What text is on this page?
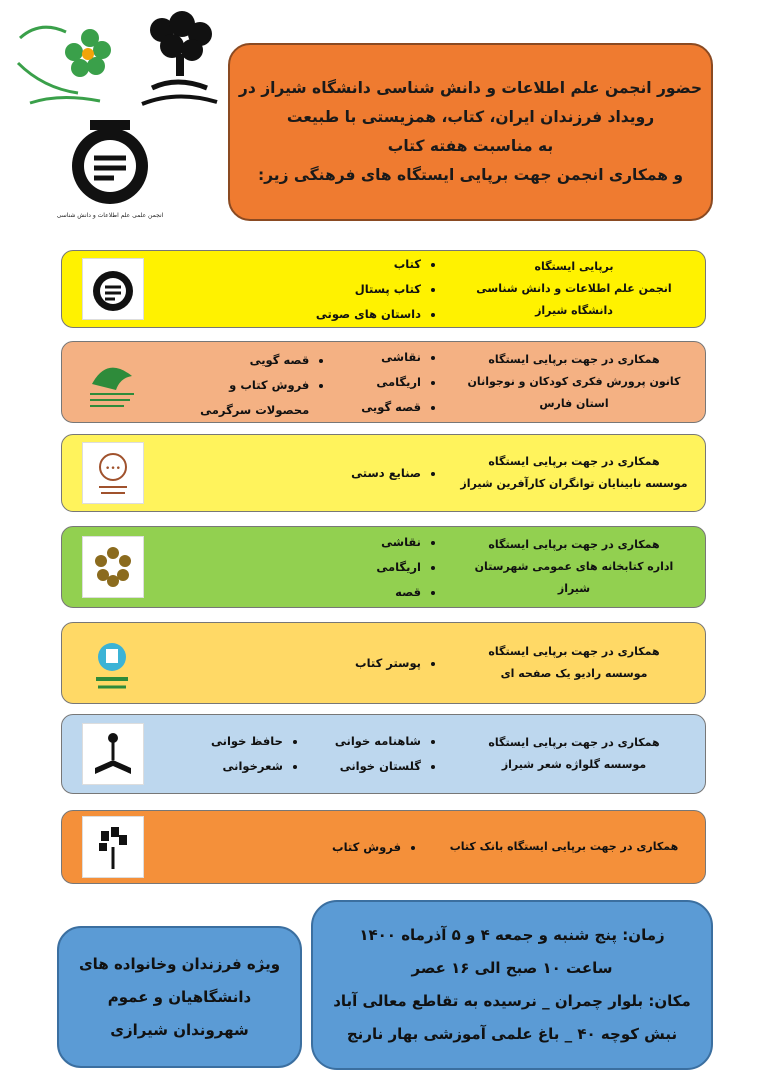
انجمن علمی علم اطلاعات و دانش شناسی
حضور انجمن علم اطلاعات و دانش شناسی دانشگاه شیراز در
رویداد فرزندان ایران، کتاب، همزیستی با طبیعت
به مناسبت هفته کتاب
و همکاری انجمن جهت برپایی ایستگاه های فرهنگی زیر:
برپایی ایستگاه
انجمن علم اطلاعات و دانش شناسی دانشگاه شیراز
• کتاب
• کتاب پستال
• داستان های صوتی
همکاری در جهت برپایی ایستگاه
کانون پرورش فکری کودکان و نوجوانان استان فارس
• نقاشی
• اریگامی
• قصه گویی
• قصه گویی
• فروش کتاب و محصولات سرگرمی
همکاری در جهت برپایی ایستگاه
موسسه نابینایان توانگران کارآفرین شیراز
• صنایع دستی
•••
همکاری در جهت برپایی ایستگاه
اداره کتابخانه های عمومی شهرستان شیراز
• نقاشی
• اریگامی
• قصه
همکاری در جهت برپایی ایستگاه
موسسه رادیو یک صفحه ای
• پوستر کتاب
همکاری در جهت برپایی ایستگاه
موسسه گلواژه شعر شیراز
• شاهنامه خوانی
• گلستان خوانی
• حافظ خوانی
• شعرخوانی
همکاری در جهت برپایی ایستگاه بانک کتاب
• فروش کتاب
زمان: پنج شنبه و جمعه ۴ و ۵ آذرماه ۱۴۰۰
ساعت ۱۰ صبح الی ۱۶ عصر
مکان: بلوار چمران _ نرسیده به تقاطع معالی آباد
نبش کوچه ۴۰ _ باغ علمی آموزشی بهار نارنج
ویژه فرزندان وخانواده های
دانشگاهیان و عموم
شهروندان شیرازی
